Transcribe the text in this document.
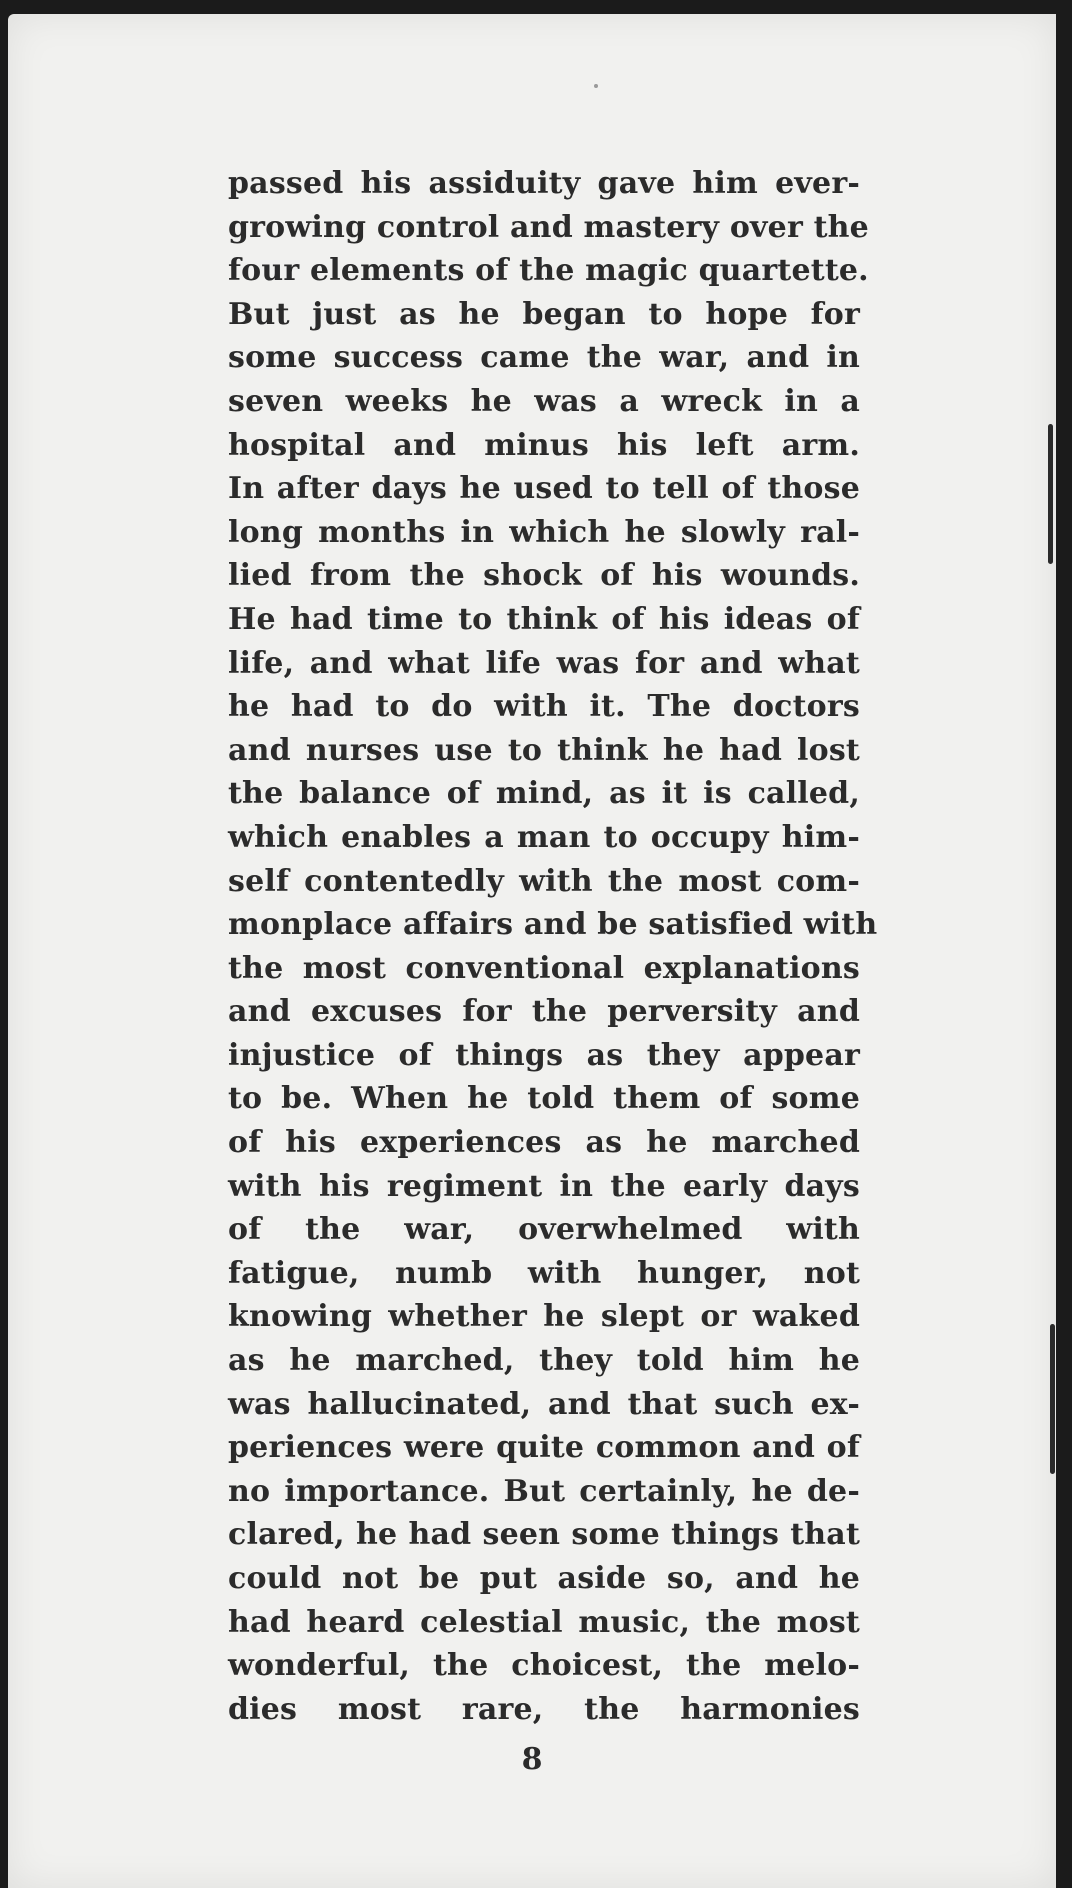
passed his assiduity gave him ever-
growing control and mastery over the
four elements of the magic quartette.
But just as he began to hope for
some success came the war, and in
seven weeks he was a wreck in a
hospital and minus his left arm.
In after days he used to tell of those
long months in which he slowly ral-
lied from the shock of his wounds.
He had time to think of his ideas of
life, and what life was for and what
he had to do with it. The doctors
and nurses use to think he had lost
the balance of mind, as it is called,
which enables a man to occupy him-
self contentedly with the most com-
monplace affairs and be satisfied with
the most conventional explanations
and excuses for the perversity and
injustice of things as they appear
to be. When he told them of some
of his experiences as he marched
with his regiment in the early days
of the war, overwhelmed with
fatigue, numb with hunger, not
knowing whether he slept or waked
as he marched, they told him he
was hallucinated, and that such ex-
periences were quite common and of
no importance. But certainly, he de-
clared, he had seen some things that
could not be put aside so, and he
had heard celestial music, the most
wonderful, the choicest, the melo-
dies most rare, the harmonies
8
